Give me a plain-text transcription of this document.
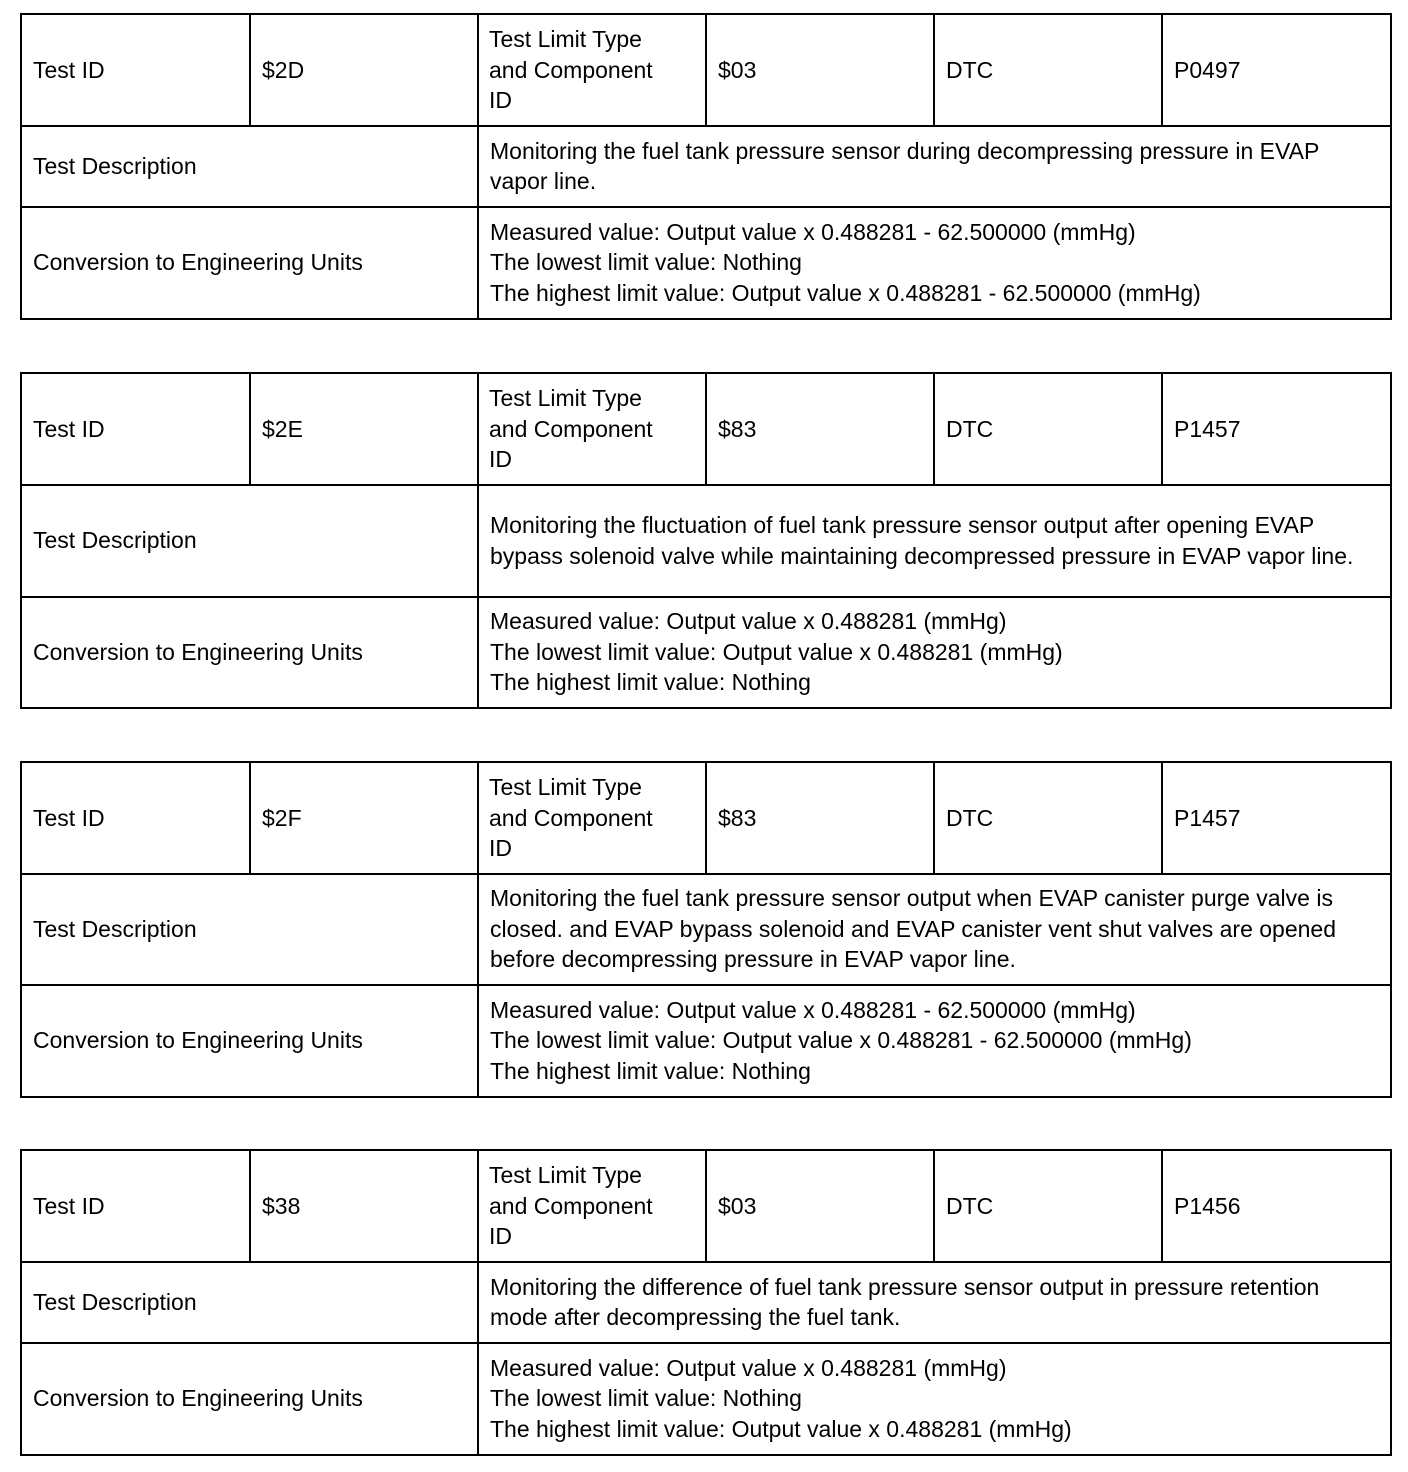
Test ID	$2D	Test Limit Type
and Component
ID	$03	DTC	P0497
Test Description		Monitoring the fuel tank pressure sensor during decompressing pressure in EVAP vapor line.			
Conversion to Engineering Units		Measured value: Output value x 0.488281 - 62.500000 (mmHg)
The lowest limit value: Nothing
The highest limit value: Output value x 0.488281 - 62.500000 (mmHg)			
Test ID	$2E	Test Limit Type
and Component
ID	$83	DTC	P1457
Test Description		Monitoring the fluctuation of fuel tank pressure sensor output after opening EVAP bypass solenoid valve while maintaining decompressed pressure in EVAP vapor line.			
Conversion to Engineering Units		Measured value: Output value x 0.488281 (mmHg)
The lowest limit value: Output value x 0.488281 (mmHg)
The highest limit value: Nothing			
Test ID	$2F	Test Limit Type
and Component
ID	$83	DTC	P1457
Test Description		Monitoring the fuel tank pressure sensor output when EVAP canister purge valve is closed. and EVAP bypass solenoid and EVAP canister vent shut valves are opened before decompressing pressure in EVAP vapor line.			
Conversion to Engineering Units		Measured value: Output value x 0.488281 - 62.500000 (mmHg)
The lowest limit value: Output value x 0.488281 - 62.500000 (mmHg)
The highest limit value: Nothing			
Test ID	$38	Test Limit Type
and Component
ID	$03	DTC	P1456
Test Description		Monitoring the difference of fuel tank pressure sensor output in pressure retention mode after decompressing the fuel tank.			
Conversion to Engineering Units		Measured value: Output value x 0.488281 (mmHg)
The lowest limit value: Nothing
The highest limit value: Output value x 0.488281 (mmHg)			
